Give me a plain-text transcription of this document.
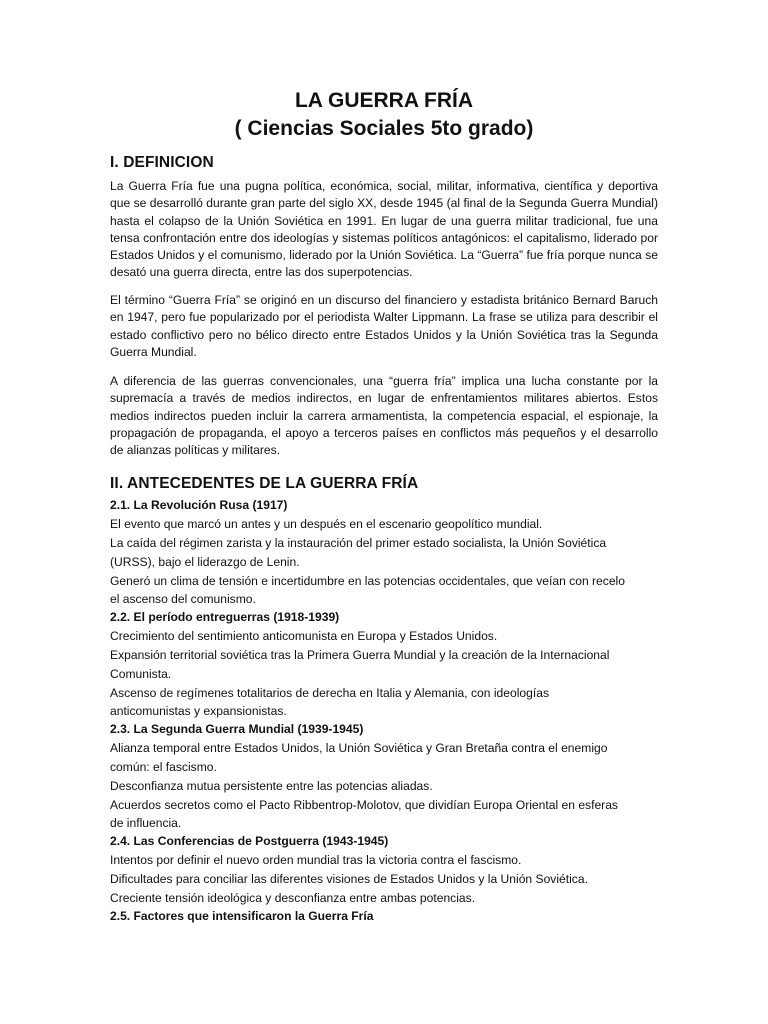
LA GUERRA FRÍA
( Ciencias Sociales 5to grado)
I. DEFINICION

La Guerra Fría fue una pugna política, económica, social, militar, informativa, científica y deportiva que se desarrolló durante gran parte del siglo XX, desde 1945 (al final de la Segunda Guerra Mundial) hasta el colapso de la Unión Soviética en 1991. En lugar de una guerra militar tradicional, fue una tensa confrontación entre dos ideologías y sistemas políticos antagónicos: el capitalismo, liderado por Estados Unidos y el comunismo, liderado por la Unión Soviética. La “Guerra” fue fría porque nunca se desató una guerra directa, entre las dos superpotencias.

El término “Guerra Fría” se originó en un discurso del financiero y estadista británico Bernard Baruch en 1947, pero fue popularizado por el periodista Walter Lippmann. La frase se utiliza para describir el estado conflictivo pero no bélico directo entre Estados Unidos y la Unión Soviética tras la Segunda Guerra Mundial.

A diferencia de las guerras convencionales, una “guerra fría” implica una lucha constante por la supremacía a través de medios indirectos, en lugar de enfrentamientos militares abiertos. Estos medios indirectos pueden incluir la carrera armamentista, la competencia espacial, el espionaje, la propagación de propaganda, el apoyo a terceros países en conflictos más pequeños y el desarrollo de alianzas políticas y militares.

II. ANTECEDENTES DE LA GUERRA FRÍA

2.1. La Revolución Rusa (1917)

El evento que marcó un antes y un después en el escenario geopolítico mundial.

La caída del régimen zarista y la instauración del primer estado socialista, la Unión Soviética

(URSS), bajo el liderazgo de Lenin.

Generó un clima de tensión e incertidumbre en las potencias occidentales, que veían con recelo

el ascenso del comunismo.

2.2. El período entreguerras (1918-1939)

Crecimiento del sentimiento anticomunista en Europa y Estados Unidos.

Expansión territorial soviética tras la Primera Guerra Mundial y la creación de la Internacional

Comunista.

Ascenso de regímenes totalitarios de derecha en Italia y Alemania, con ideologías

anticomunistas y expansionistas.

2.3. La Segunda Guerra Mundial (1939-1945)

Alianza temporal entre Estados Unidos, la Unión Soviética y Gran Bretaña contra el enemigo

común: el fascismo.

Desconfianza mutua persistente entre las potencias aliadas.

Acuerdos secretos como el Pacto Ribbentrop-Molotov, que dividían Europa Oriental en esferas

de influencia.

2.4. Las Conferencias de Postguerra (1943-1945)

Intentos por definir el nuevo orden mundial tras la victoria contra el fascismo.

Dificultades para conciliar las diferentes visiones de Estados Unidos y la Unión Soviética.

Creciente tensión ideológica y desconfianza entre ambas potencias.

2.5. Factores que intensificaron la Guerra Fría
